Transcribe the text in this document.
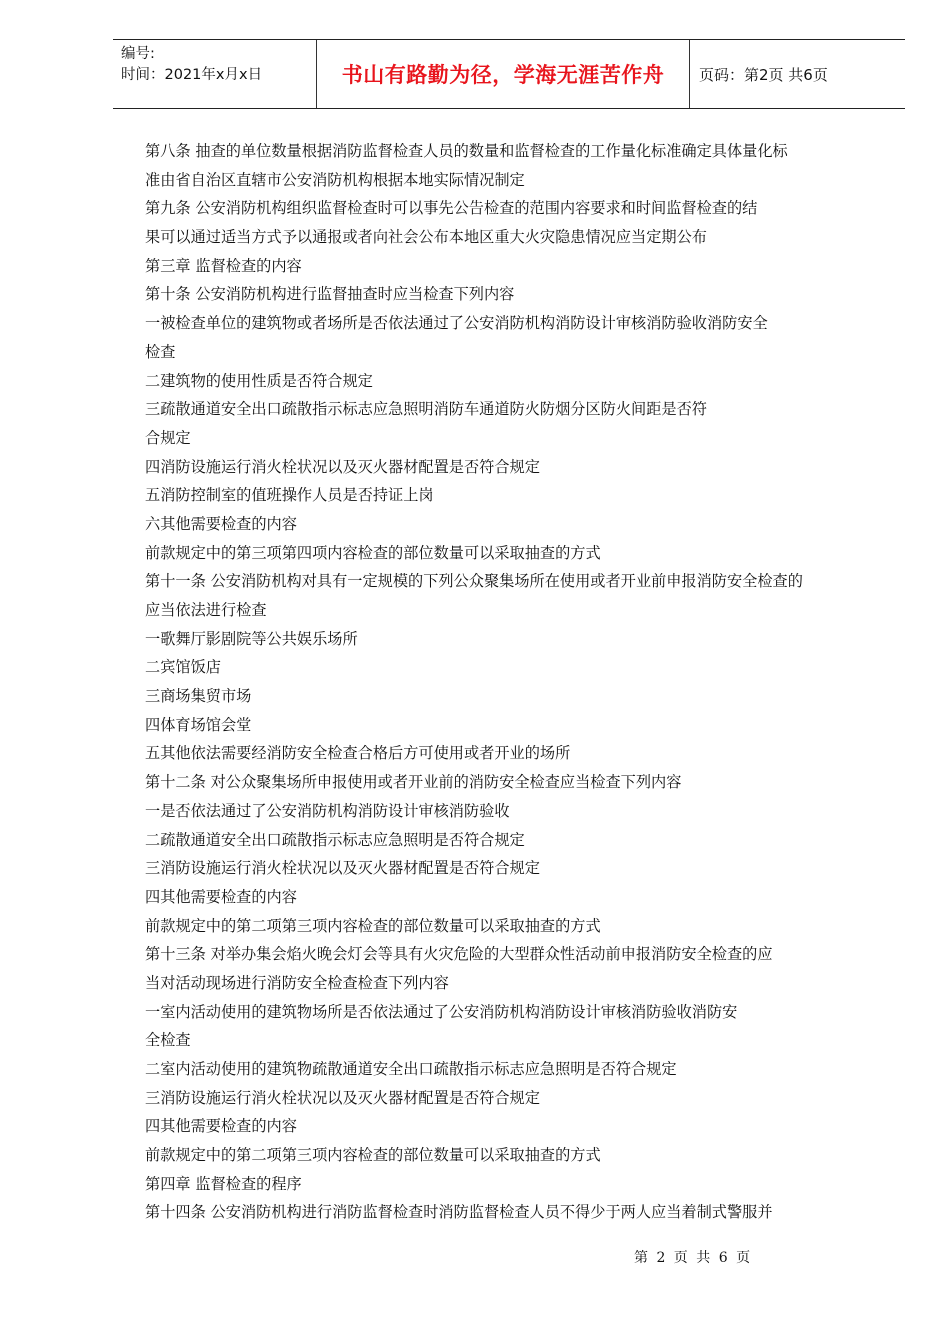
编号:
时间：2021年x月x日	书山有路勤为径，学海无涯苦作舟	页码：第2页 共6页
第八条 抽查的单位数量根据消防监督检查人员的数量和监督检查的工作量化标准确定具体量化标
准由省自治区直辖市公安消防机构根据本地实际情况制定
第九条 公安消防机构组织监督检查时可以事先公告检查的范围内容要求和时间监督检查的结
果可以通过适当方式予以通报或者向社会公布本地区重大火灾隐患情况应当定期公布
第三章 监督检查的内容
第十条 公安消防机构进行监督抽查时应当检查下列内容
一被检查单位的建筑物或者场所是否依法通过了公安消防机构消防设计审核消防验收消防安全
检查
二建筑物的使用性质是否符合规定
三疏散通道安全出口疏散指示标志应急照明消防车通道防火防烟分区防火间距是否符
合规定
四消防设施运行消火栓状况以及灭火器材配置是否符合规定
五消防控制室的值班操作人员是否持证上岗
六其他需要检查的内容
前款规定中的第三项第四项内容检查的部位数量可以采取抽查的方式
第十一条 公安消防机构对具有一定规模的下列公众聚集场所在使用或者开业前申报消防安全检查的
应当依法进行检查
一歌舞厅影剧院等公共娱乐场所
二宾馆饭店
三商场集贸市场
四体育场馆会堂
五其他依法需要经消防安全检查合格后方可使用或者开业的场所
第十二条 对公众聚集场所申报使用或者开业前的消防安全检查应当检查下列内容
一是否依法通过了公安消防机构消防设计审核消防验收
二疏散通道安全出口疏散指示标志应急照明是否符合规定
三消防设施运行消火栓状况以及灭火器材配置是否符合规定
四其他需要检查的内容
前款规定中的第二项第三项内容检查的部位数量可以采取抽查的方式
第十三条 对举办集会焰火晚会灯会等具有火灾危险的大型群众性活动前申报消防安全检查的应
当对活动现场进行消防安全检查检查下列内容
一室内活动使用的建筑物场所是否依法通过了公安消防机构消防设计审核消防验收消防安
全检查
二室内活动使用的建筑物疏散通道安全出口疏散指示标志应急照明是否符合规定
三消防设施运行消火栓状况以及灭火器材配置是否符合规定
四其他需要检查的内容
前款规定中的第二项第三项内容检查的部位数量可以采取抽查的方式
第四章 监督检查的程序
第十四条 公安消防机构进行消防监督检查时消防监督检查人员不得少于两人应当着制式警服并
第 2 页 共 6 页
